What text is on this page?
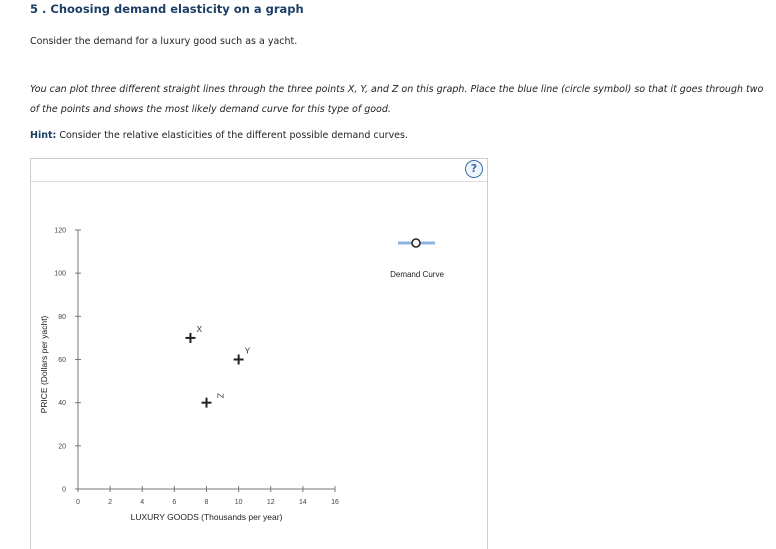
5 . Choosing demand elasticity on a graph
Consider the demand for a luxury good such as a yacht.
You can plot three different straight lines through the three points X, Y, and Z on this graph. Place the blue line (circle symbol) so that it goes through two of the points and shows the most likely demand curve for this type of good.
Hint: Consider the relative elasticities of the different possible demand curves.
?
0
20
40
60
80
100
120
0	2	4	6	8	10	12	14	16
LUXURY GOODS (Thousands per year)
PRICE (Dollars per yacht)	X
Y
Z
Demand Curve
